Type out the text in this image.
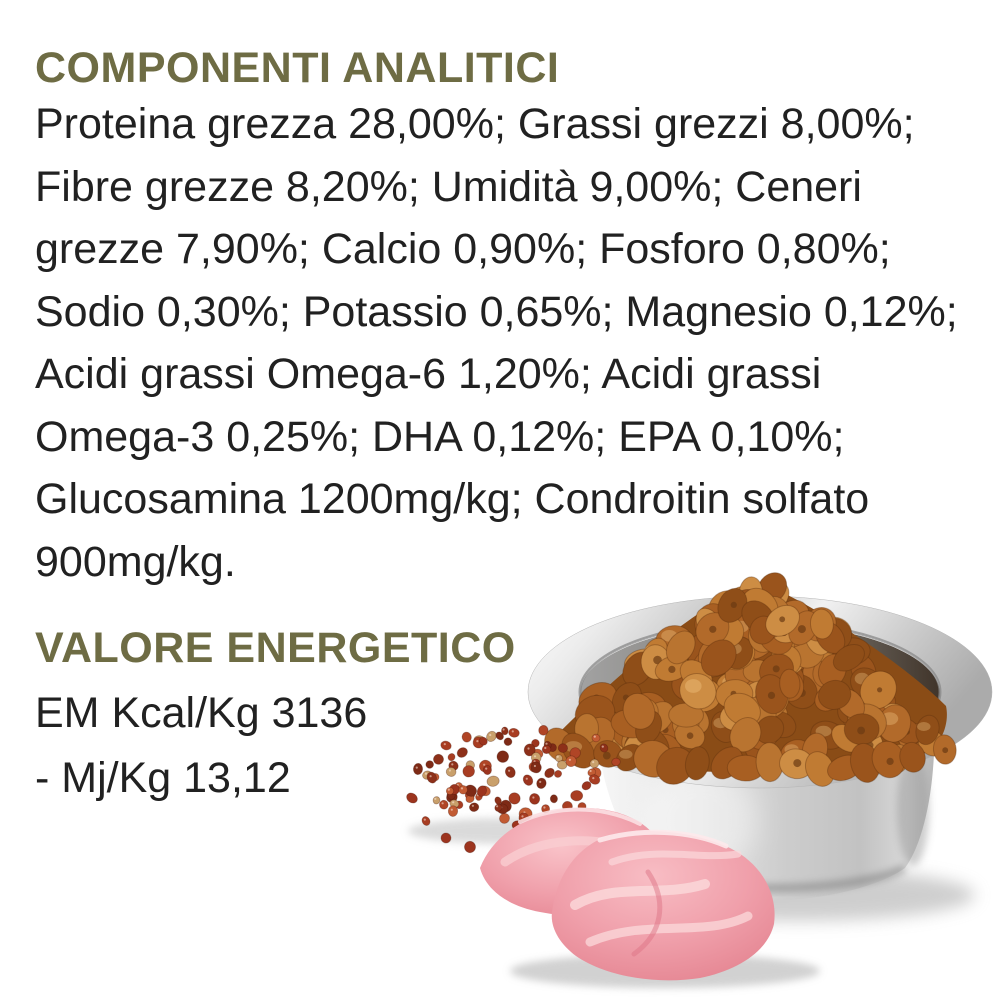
COMPONENTI ANALITICI
Proteina grezza 28,00%; Grassi grezzi 8,00%;
Fibre grezze 8,20%; Umidità 9,00%; Ceneri
grezze 7,90%; Calcio 0,90%; Fosforo 0,80%;
Sodio 0,30%; Potassio 0,65%; Magnesio 0,12%;
Acidi grassi Omega-6 1,20%; Acidi grassi
Omega-3 0,25%; DHA 0,12%; EPA 0,10%;
Glucosamina 1200mg/kg; Condroitin solfato
900mg/kg.
VALORE ENERGETICO
EM Kcal/Kg 3136
- Mj/Kg 13,12
